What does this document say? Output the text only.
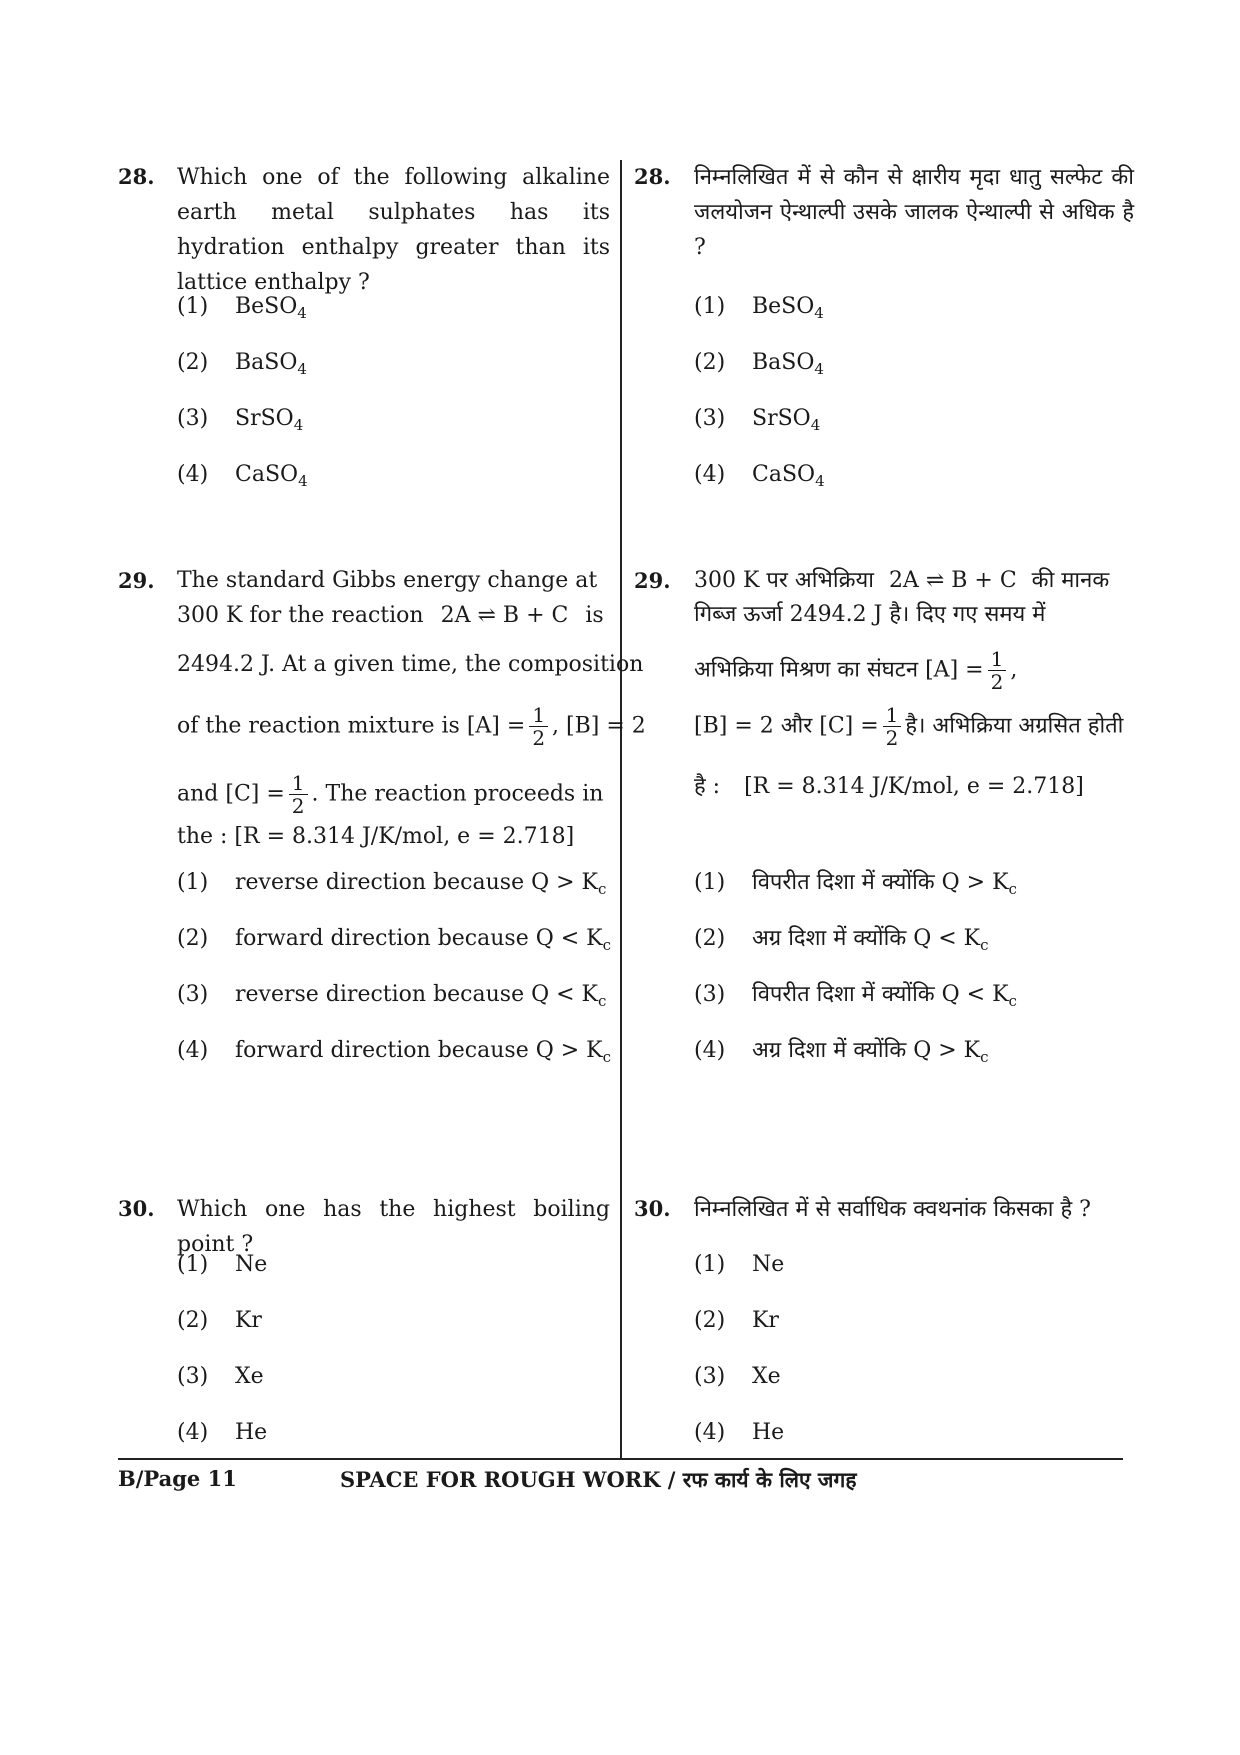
28. Which one of the following alkaline earth metal sulphates has its hydration enthalpy greater than its lattice enthalpy ?
(1) BeSO$_4$
(2) BaSO$_4$
(3) SrSO$_4$
(4) CaSO$_4$
29. The standard Gibbs energy change at
300 K for the reaction 2A ⇌ B + C is
2494.2 J. At a given time, the composition
of the reaction mixture is $[A] = \frac{1}{2}$ , [B] = 2
and $[C] = \frac{1}{2}$ . The reaction proceeds in
the : [R = 8.314 J/K/mol, e = 2.718]
(1) reverse direction because $Q > K_c$
(2) forward direction because $Q < K_c$
(3) reverse direction because $Q < K_c$
(4) forward direction because $Q > K_c$
30. Which one has the highest boiling point ?
(1) Ne
(2) Kr
(3) Xe
(4) He
28. निम्नलिखित में से कौन से क्षारीय मृदा धातु सल्फेट की जलयोजन ऐन्थाल्पी उसके जालक ऐन्थाल्पी से अधिक है ?
(1) BeSO$_4$
(2) BaSO$_4$
(3) SrSO$_4$
(4) CaSO$_4$
29. 300 K पर अभिक्रिया 2A ⇌ B + C की मानक
गिब्ज ऊर्जा 2494.2 J है। दिए गए समय में
अभिक्रिया मिश्रण का संघटन $[A] = \frac{1}{2}$ ,
[B] = 2 और $[C] = \frac{1}{2}$ है। अभिक्रिया अग्रसित होती
है : [R = 8.314 J/K/mol, e = 2.718]
(1) विपरीत दिशा में क्योंकि $Q > K_c$
(2) अग्र दिशा में क्योंकि $Q < K_c$
(3) विपरीत दिशा में क्योंकि $Q < K_c$
(4) अग्र दिशा में क्योंकि $Q > K_c$
30. निम्नलिखित में से सर्वाधिक क्वथनांक किसका है ?
(1) Ne
(2) Kr
(3) Xe
(4) He
B/Page 11	SPACE FOR ROUGH WORK / रफ कार्य के लिए जगह
